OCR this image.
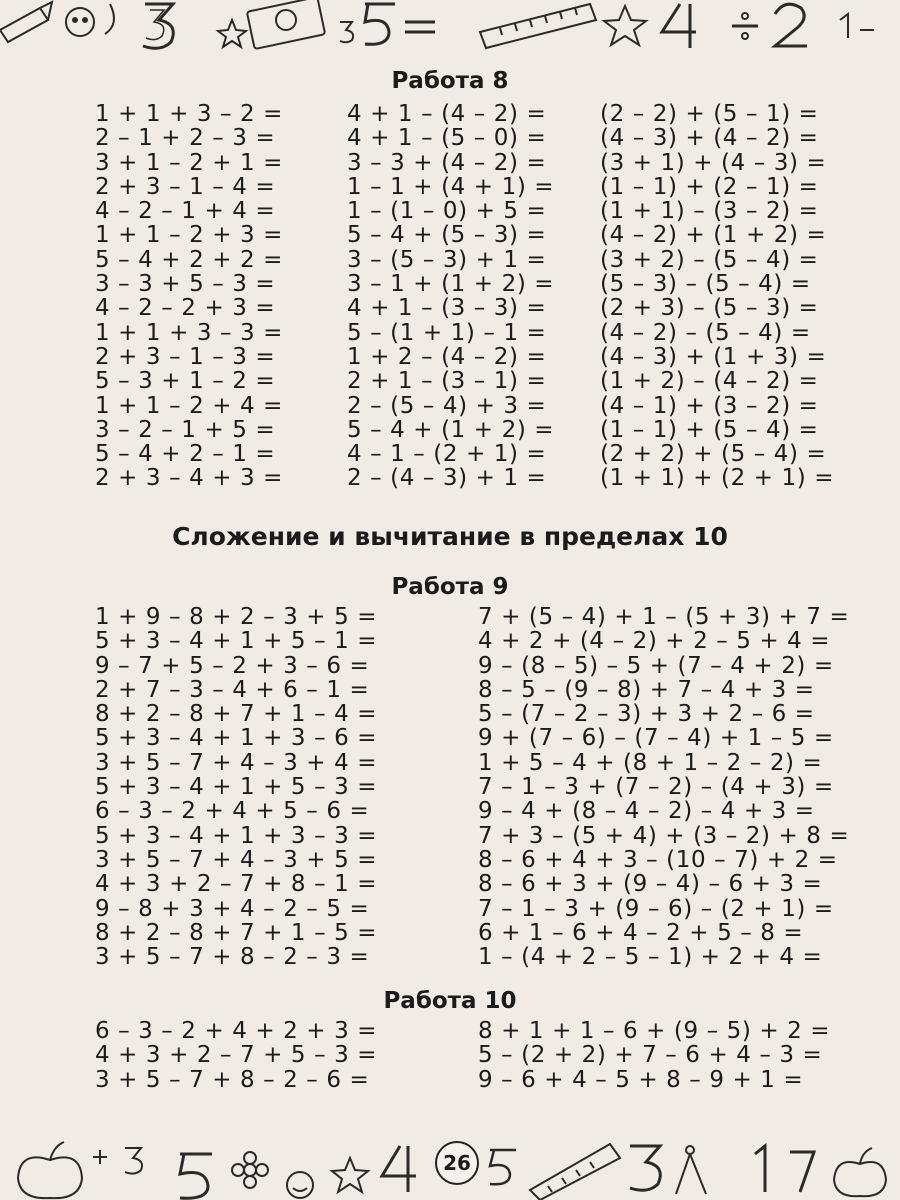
Работа 8
1 + 1 + 3 – 2 =
2 – 1 + 2 – 3 =
3 + 1 – 2 + 1 =
2 + 3 – 1 – 4 =
4 – 2 – 1 + 4 =
1 + 1 – 2 + 3 =
5 – 4 + 2 + 2 =
3 – 3 + 5 – 3 =
4 – 2 – 2 + 3 =
1 + 1 + 3 – 3 =
2 + 3 – 1 – 3 =
5 – 3 + 1 – 2 =
1 + 1 – 2 + 4 =
3 – 2 – 1 + 5 =
5 – 4 + 2 – 1 =
2 + 3 – 4 + 3 =
4 + 1 – (4 – 2) =
4 + 1 – (5 – 0) =
3 – 3 + (4 – 2) =
1 – 1 + (4 + 1) =
1 – (1 – 0) + 5 =
5 – 4 + (5 – 3) =
3 – (5 – 3) + 1 =
3 – 1 + (1 + 2) =
4 + 1 – (3 – 3) =
5 – (1 + 1) – 1 =
1 + 2 – (4 – 2) =
2 + 1 – (3 – 1) =
2 – (5 – 4) + 3 =
5 – 4 + (1 + 2) =
4 – 1 – (2 + 1) =
2 – (4 – 3) + 1 =
(2 – 2) + (5 – 1) =
(4 – 3) + (4 – 2) =
(3 + 1) + (4 – 3) =
(1 – 1) + (2 – 1) =
(1 + 1) – (3 – 2) =
(4 – 2) + (1 + 2) =
(3 + 2) – (5 – 4) =
(5 – 3) – (5 – 4) =
(2 + 3) – (5 – 3) =
(4 – 2) – (5 – 4) =
(4 – 3) + (1 + 3) =
(1 + 2) – (4 – 2) =
(4 – 1) + (3 – 2) =
(1 – 1) + (5 – 4) =
(2 + 2) + (5 – 4) =
(1 + 1) + (2 + 1) =
Сложение и вычитание в пределах 10
Работа 9
1 + 9 – 8 + 2 – 3 + 5 =
5 + 3 – 4 + 1 + 5 – 1 =
9 – 7 + 5 – 2 + 3 – 6 =
2 + 7 – 3 – 4 + 6 – 1 =
8 + 2 – 8 + 7 + 1 – 4 =
5 + 3 – 4 + 1 + 3 – 6 =
3 + 5 – 7 + 4 – 3 + 4 =
5 + 3 – 4 + 1 + 5 – 3 =
6 – 3 – 2 + 4 + 5 – 6 =
5 + 3 – 4 + 1 + 3 – 3 =
3 + 5 – 7 + 4 – 3 + 5 =
4 + 3 + 2 – 7 + 8 – 1 =
9 – 8 + 3 + 4 – 2 – 5 =
8 + 2 – 8 + 7 + 1 – 5 =
3 + 5 – 7 + 8 – 2 – 3 =
7 + (5 – 4) + 1 – (5 + 3) + 7 =
4 + 2 + (4 – 2) + 2 – 5 + 4 =
9 – (8 – 5) – 5 + (7 – 4 + 2) =
8 – 5 – (9 – 8) + 7 – 4 + 3 =
5 – (7 – 2 – 3) + 3 + 2 – 6 =
9 + (7 – 6) – (7 – 4) + 1 – 5 =
1 + 5 – 4 + (8 + 1 – 2 – 2) =
7 – 1 – 3 + (7 – 2) – (4 + 3) =
9 – 4 + (8 – 4 – 2) – 4 + 3 =
7 + 3 – (5 + 4) + (3 – 2) + 8 =
8 – 6 + 4 + 3 – (10 – 7) + 2 =
8 – 6 + 3 + (9 – 4) – 6 + 3 =
7 – 1 – 3 + (9 – 6) – (2 + 1) =
6 + 1 – 6 + 4 – 2 + 5 – 8 =
1 – (4 + 2 – 5 – 1) + 2 + 4 =
Работа 10
6 – 3 – 2 + 4 + 2 + 3 =
4 + 3 + 2 – 7 + 5 – 3 =
3 + 5 – 7 + 8 – 2 – 6 =
8 + 1 + 1 – 6 + (9 – 5) + 2 =
5 – (2 + 2) + 7 – 6 + 4 – 3 =
9 – 6 + 4 – 5 + 8 – 9 + 1 =
26
